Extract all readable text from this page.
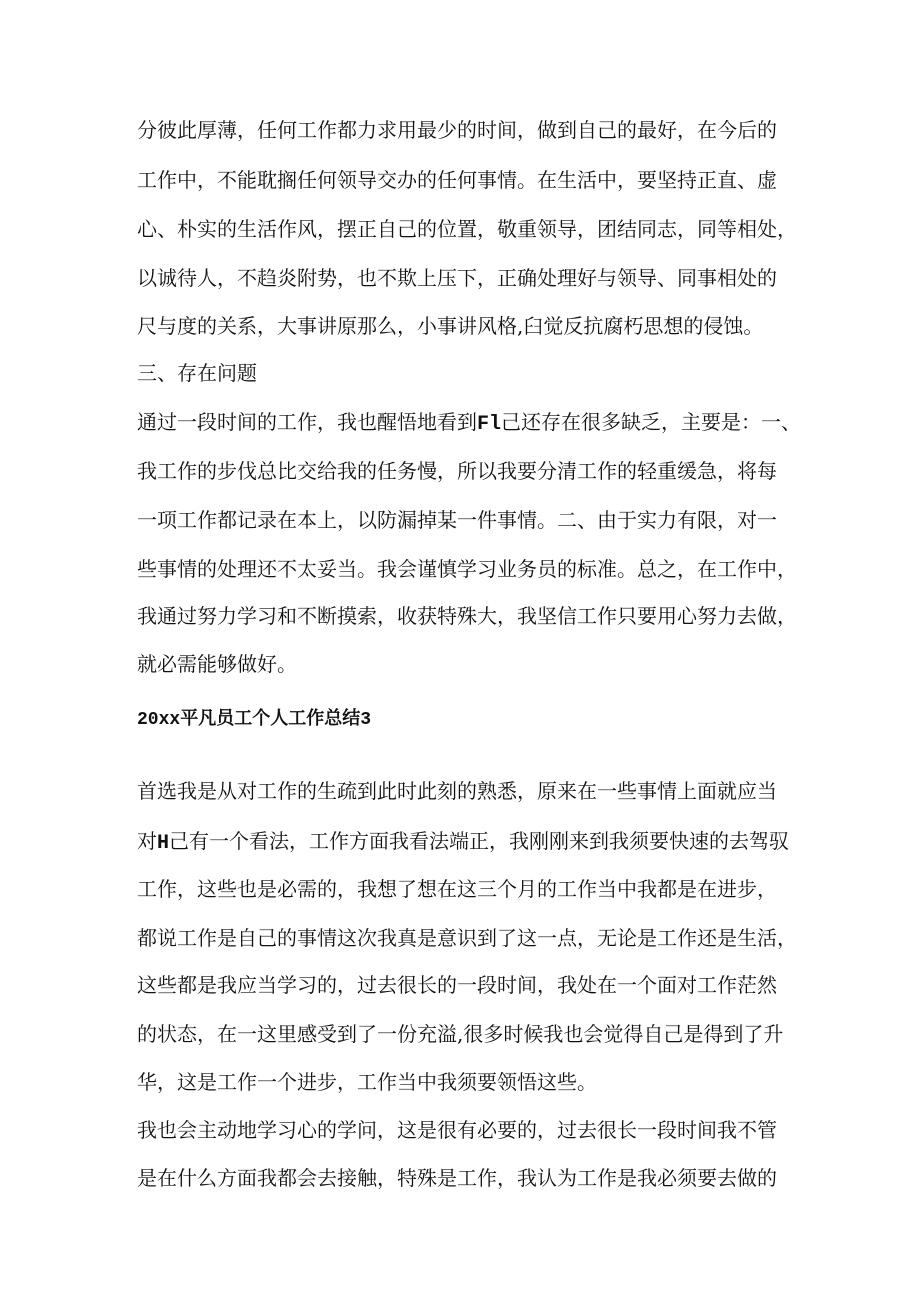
分彼此厚薄，任何工作都力求用最少的时间，做到自己的最好，在今后的
工作中，不能耽搁任何领导交办的任何事情。在生活中，要坚持正直、虚
心、朴实的生活作风，摆正自己的位置，敬重领导，团结同志，同等相处，
以诚待人，不趋炎附势，也不欺上压下，正确处理好与领导、同事相处的
尺与度的关系，大事讲原那么，小事讲风格,臼觉反抗腐朽思想的侵蚀。
三、存在问题
通过一段时间的工作，我也醒悟地看到Fl己还存在很多缺乏，主要是：一、
我工作的步伐总比交给我的任务慢，所以我要分清工作的轻重缓急，将每
一项工作都记录在本上，以防漏掉某一件事情。二、由于实力有限，对一
些事情的处理还不太妥当。我会谨慎学习业务员的标准。总之，在工作中，
我通过努力学习和不断摸索，收获特殊大，我坚信工作只要用心努力去做，
就必需能够做好。
20xx平凡员工个人工作总结3
首选我是从对工作的生疏到此时此刻的熟悉，原来在一些事情上面就应当
对H己有一个看法，工作方面我看法端正，我刚刚来到我须要快速的去驾驭
工作，这些也是必需的，我想了想在这三个月的工作当中我都是在进步，
都说工作是自己的事情这次我真是意识到了这一点，无论是工作还是生活，
这些都是我应当学习的，过去很长的一段时间，我处在一个面对工作茫然
的状态，在一这里感受到了一份充溢,很多时候我也会觉得自己是得到了升
华，这是工作一个进步，工作当中我须要领悟这些。
我也会主动地学习心的学问，这是很有必要的，过去很长一段时间我不管
是在什么方面我都会去接触，特殊是工作，我认为工作是我必须要去做的
